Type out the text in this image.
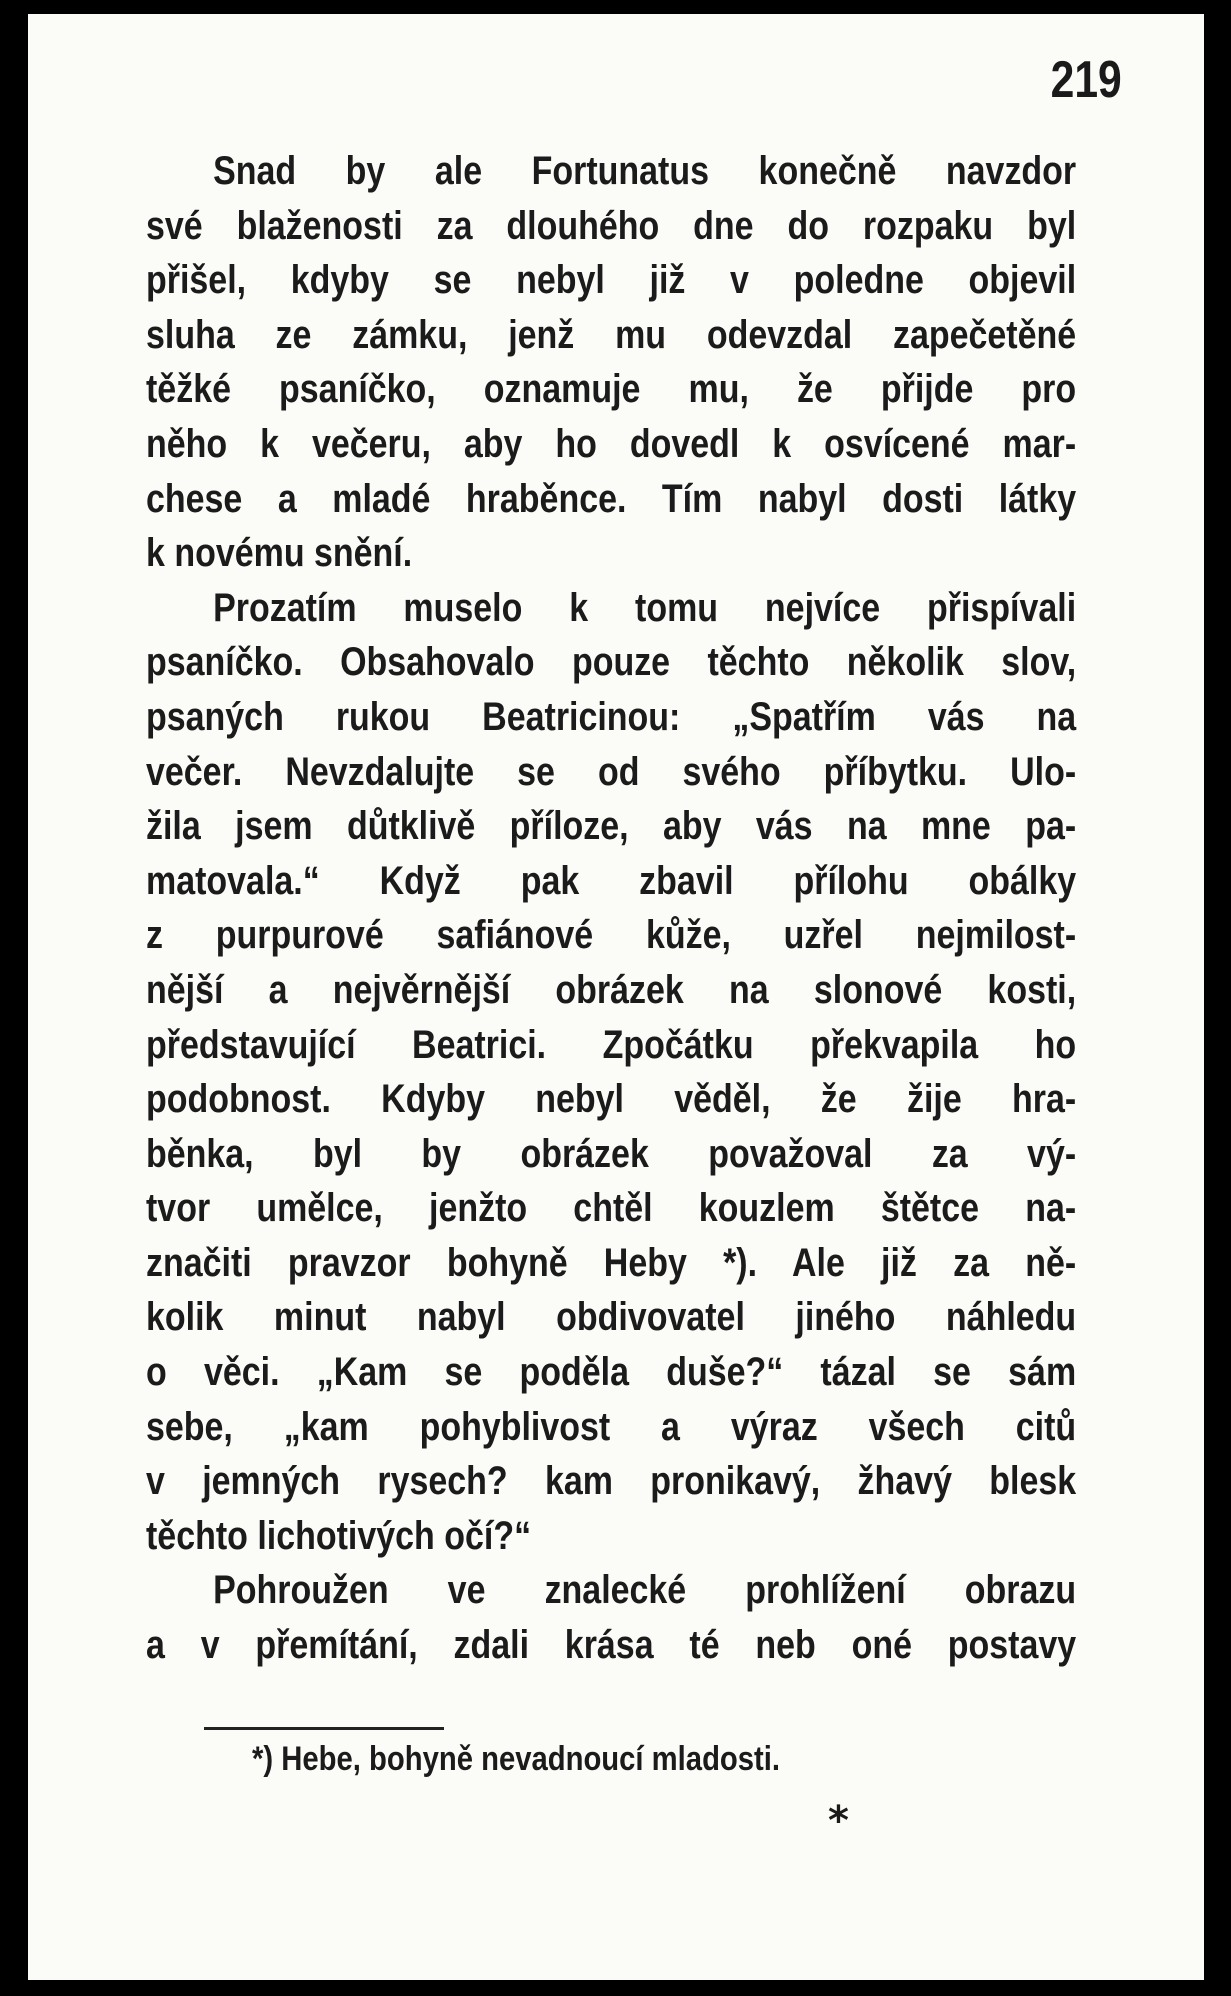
219
Snad by ale Fortunatus konečně navzdor
své blaženosti za dlouhého dne do rozpaku byl
přišel, kdyby se nebyl již v poledne objevil
sluha ze zámku, jenž mu odevzdal zapečetěné
těžké psaníčko, oznamuje mu, že přijde pro
něho k večeru, aby ho dovedl k osvícené mar-
chese a mladé hraběnce. Tím nabyl dosti látky
k novému snění.
Prozatím muselo k tomu nejvíce přispívali
psaníčko. Obsahovalo pouze těchto několik slov,
psaných rukou Beatricinou: „Spatřím vás na
večer. Nevzdalujte se od svého příbytku. Ulo-
žila jsem důtklivě příloze, aby vás na mne pa-
matovala.“ Když pak zbavil přílohu obálky
z purpurové safiánové kůže, uzřel nejmilost-
nější a nejvěrnější obrázek na slonové kosti,
představující Beatrici. Zpočátku překvapila ho
podobnost. Kdyby nebyl věděl, že žije hra-
běnka, byl by obrázek považoval za vý-
tvor umělce, jenžto chtěl kouzlem štětce na-
značiti pravzor bohyně Heby *). Ale již za ně-
kolik minut nabyl obdivovatel jiného náhledu
o věci. „Kam se poděla duše?“ tázal se sám
sebe, „kam pohyblivost a výraz všech citů
v jemných rysech? kam pronikavý, žhavý blesk
těchto lichotivých očí?“
Pohroužen ve znalecké prohlížení obrazu
a v přemítání, zdali krása té neb oné postavy
*) Hebe, bohyně nevadnoucí mladosti.
*
